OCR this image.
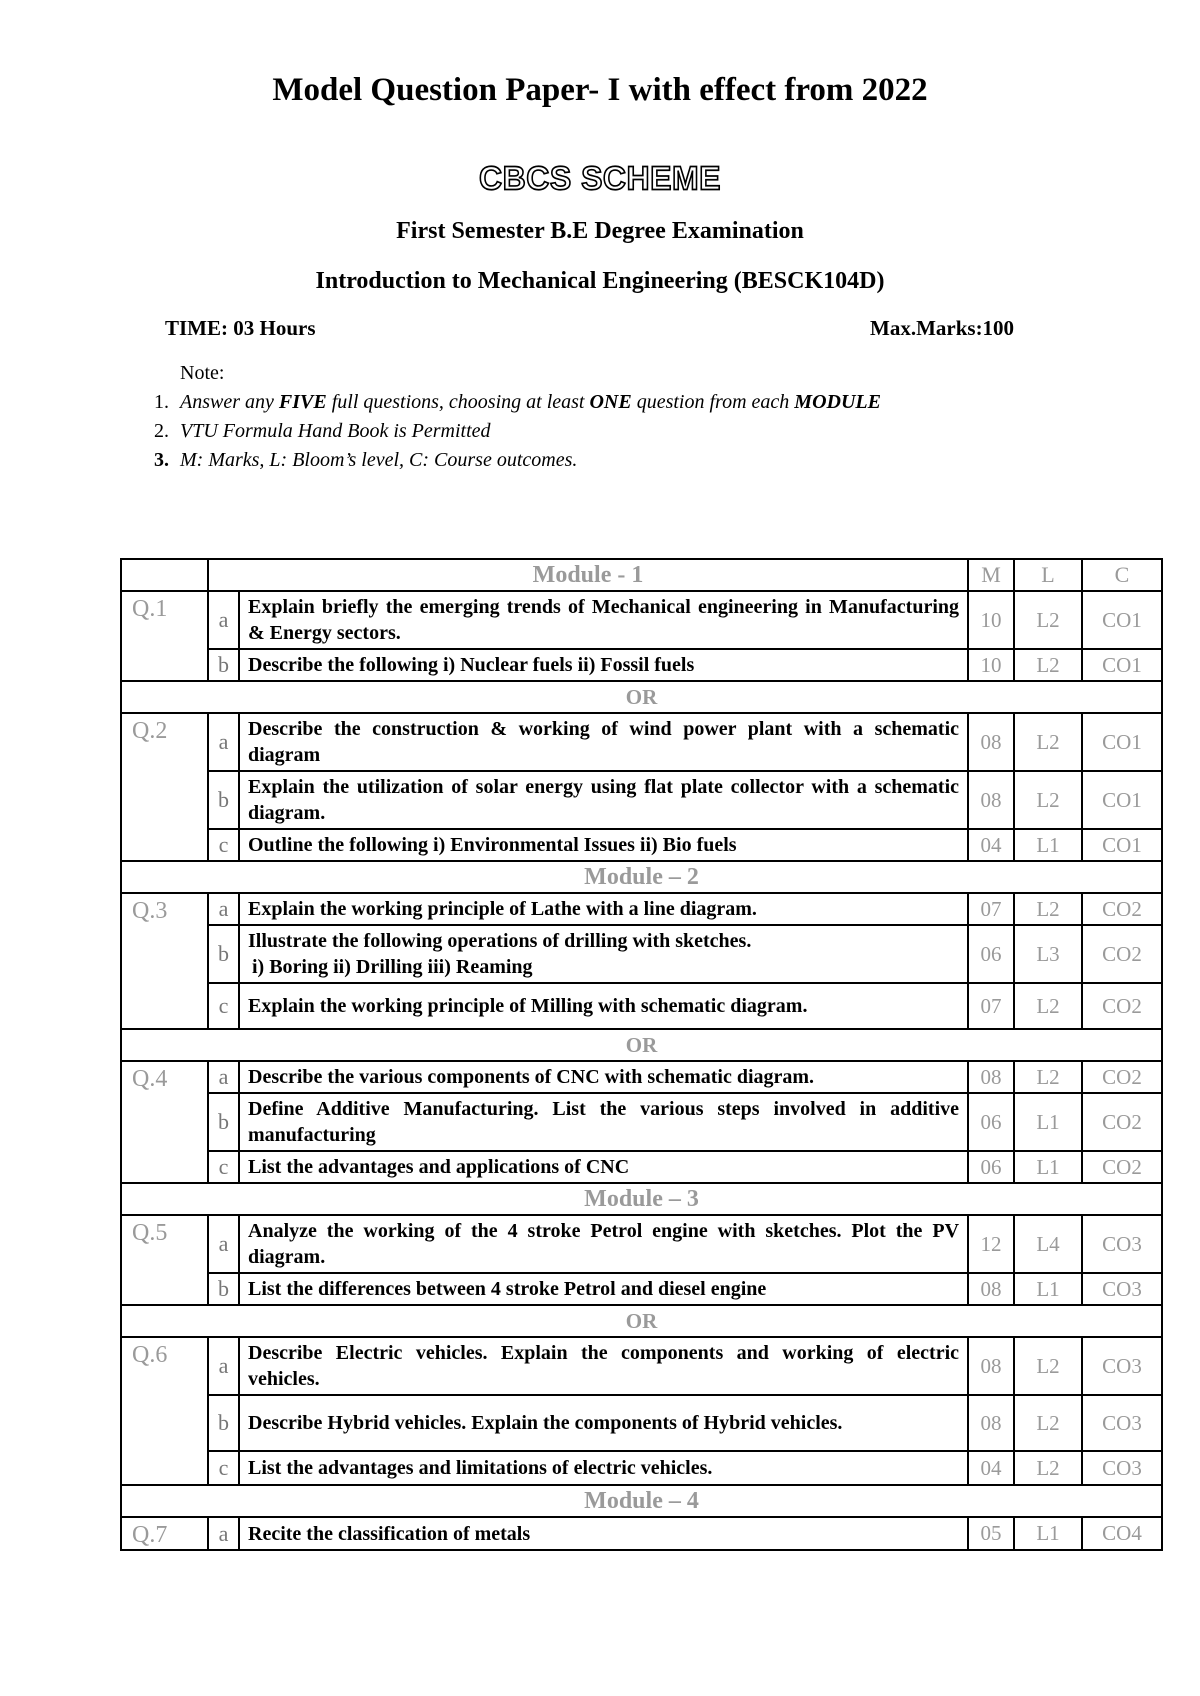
Model Question Paper- I with effect from 2022
CBCS SCHEME
First Semester B.E Degree Examination
Introduction to Mechanical Engineering (BESCK104D)
TIME: 03 Hours	Max.Marks:100
Note:
1. Answer any FIVE full questions, choosing at least ONE question from each MODULE
2. VTU Formula Hand Book is Permitted
3. M: Marks, L: Bloom’s level, C: Course outcomes.
	Module - 1		M	L	C
Q.1	a	Explain briefly the emerging trends of Mechanical engineering in Manufacturing & Energy sectors.	10	L2	CO1
	b	Describe the following i) Nuclear fuels ii) Fossil fuels	10	L2	CO1
OR					
Q.2	a	Describe the construction & working of wind power plant with a schematic diagram	08	L2	CO1
	b	Explain the utilization of solar energy using flat plate collector with a schematic diagram.	08	L2	CO1
	c	Outline the following i) Environmental Issues ii) Bio fuels	04	L1	CO1
Module – 2					
Q.3	a	Explain the working principle of Lathe with a line diagram.	07	L2	CO2
	b	Illustrate the following operations of drilling with sketches.
i) Boring ii) Drilling iii) Reaming	06	L3	CO2
	c	Explain the working principle of Milling with schematic diagram.	07	L2	CO2
OR					
Q.4	a	Describe the various components of CNC with schematic diagram.	08	L2	CO2
	b	Define Additive Manufacturing. List the various steps involved in additive manufacturing	06	L1	CO2
	c	List the advantages and applications of CNC	06	L1	CO2
Module – 3					
Q.5	a	Analyze the working of the 4 stroke Petrol engine with sketches. Plot the PV diagram.	12	L4	CO3
	b	List the differences between 4 stroke Petrol and diesel engine	08	L1	CO3
OR					
Q.6	a	Describe Electric vehicles. Explain the components and working of electric vehicles.	08	L2	CO3
	b	Describe Hybrid vehicles. Explain the components of Hybrid vehicles.	08	L2	CO3
	c	List the advantages and limitations of electric vehicles.	04	L2	CO3
Module – 4					
Q.7	a	Recite the classification of metals	05	L1	CO4
